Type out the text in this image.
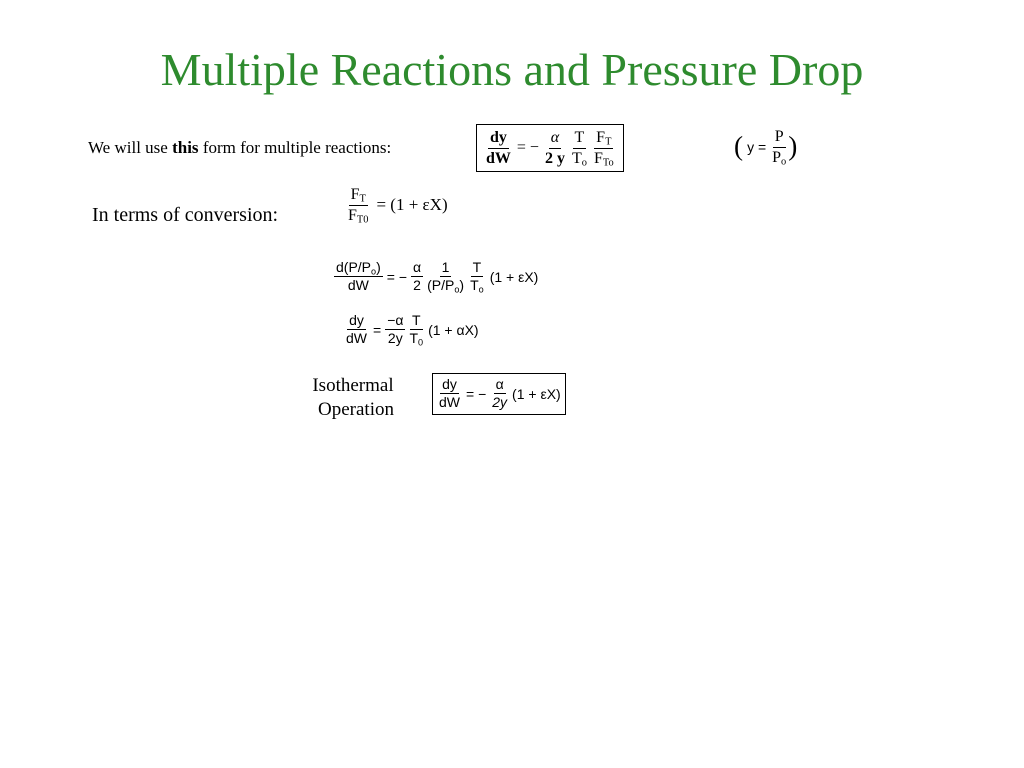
Multiple Reactions and Pressure Drop
We will use this form for multiple reactions:	$\frac{dy}{dW}$ = − $\frac{\alpha}{2 y} \frac{T}{T_o} \frac{F_T}{F_{To}}$	( $y = \frac{P}{P_o}$ )
In terms of conversion:	$\frac{F_T}{F_{T0}} = (1 + \varepsilon X)$
$\frac{d(P/P_o)}{dW}$ = − $\frac{\alpha}{2} \frac{1}{(P/P_o)} \frac{T}{T_o} (1 + \varepsilon X)$
$\frac{dy}{dW} = \frac{-\alpha}{2y} \frac{T}{T_0} (1 + \alpha X)$
Isothermal
Operation	$\frac{dy}{dW}$ = − $\frac{\alpha}{2y} (1 + \varepsilon X)$
